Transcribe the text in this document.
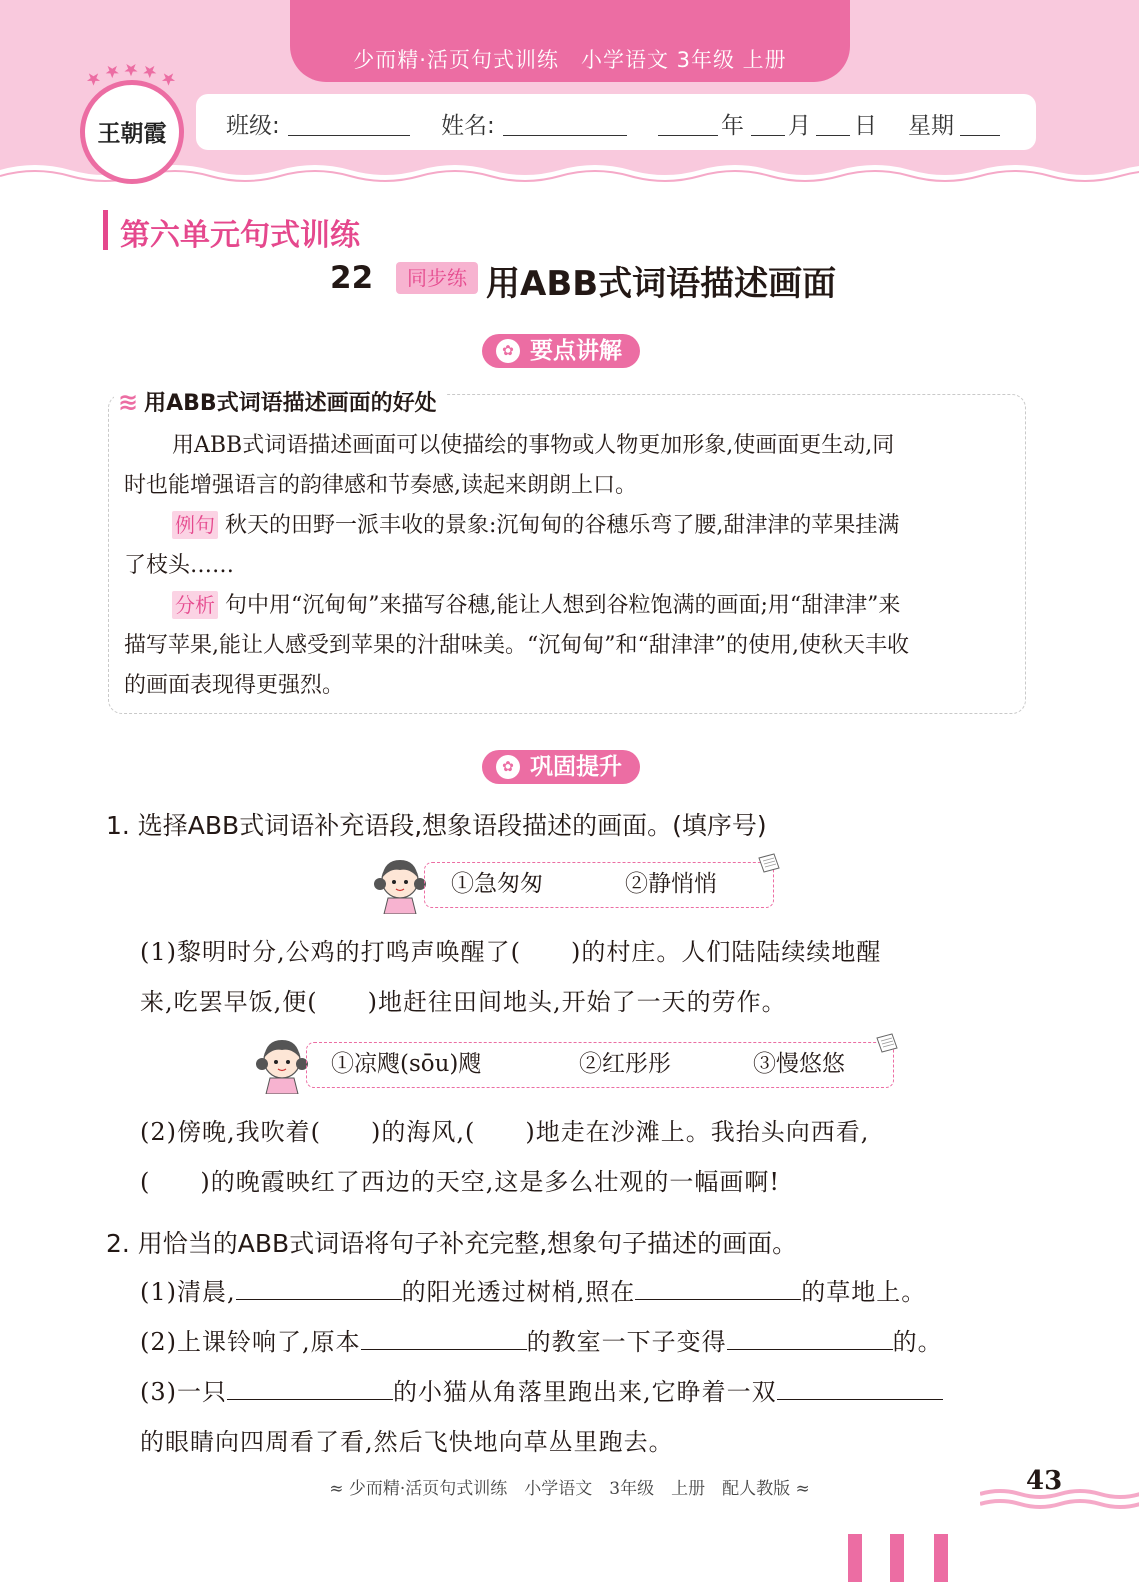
少而精·活页句式训练　小学语文 3年级 上册
王朝霞	班级:	姓名:	年 月 日 星期
第六单元句式训练
22	同步练 用ABB式词语描述画面
✿ 要点讲解
≋ 用ABB式词语描述画面的好处
用ABB式词语描述画面可以使描绘的事物或人物更加形象,使画面更生动,同
时也能增强语言的韵律感和节奏感,读起来朗朗上口。
例句 秋天的田野一派丰收的景象:沉甸甸的谷穗乐弯了腰,甜津津的苹果挂满
了枝头……
分析 句中用“沉甸甸”来描写谷穗,能让人想到谷粒饱满的画面;用“甜津津”来
描写苹果,能让人感受到苹果的汁甜味美。“沉甸甸”和“甜津津”的使用,使秋天丰收
的画面表现得更强烈。
✿ 巩固提升
1. 选择ABB式词语补充语段,想象语段描述的画面。(填序号)
①急匆匆	②静悄悄
(1)黎明时分,公鸡的打鸣声唤醒了(　　)的村庄。人们陆陆续续地醒
来,吃罢早饭,便(　　)地赶往田间地头,开始了一天的劳作。
①凉飕(sōu)飕	②红彤彤	③慢悠悠
(2)傍晚,我吹着(　　)的海风,(　　)地走在沙滩上。我抬头向西看,
(　　)的晚霞映红了西边的天空,这是多么壮观的一幅画啊!
2. 用恰当的ABB式词语将句子补充完整,想象句子描述的画面。
(1)清晨,	的阳光透过树梢,照在	的草地上。
(2)上课铃响了,原本	的教室一下子变得	的。
(3)一只	的小猫从角落里跑出来,它睁着一双
的眼睛向四周看了看,然后飞快地向草丛里跑去。
≈ 少而精·活页句式训练　小学语文　3年级　上册　配人教版 ≈	43
